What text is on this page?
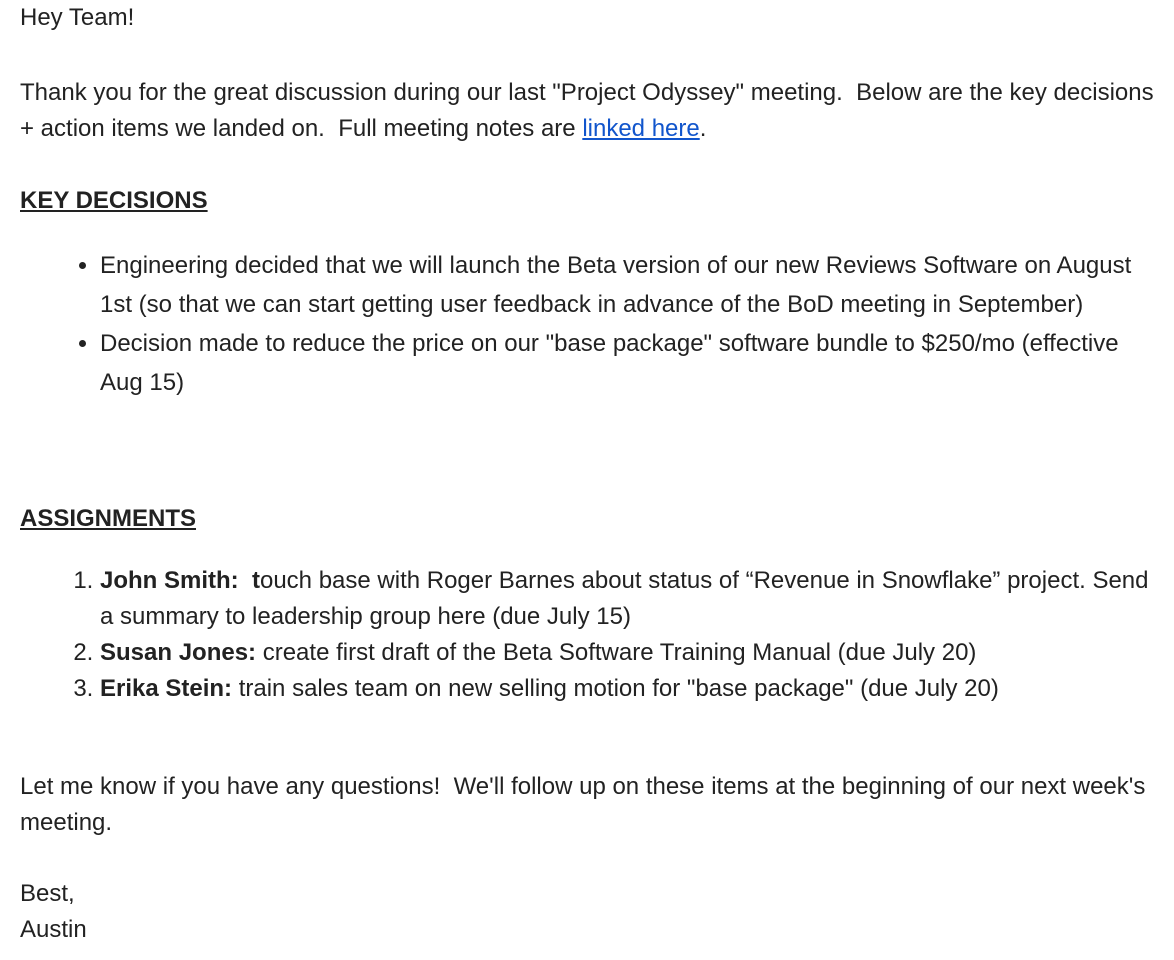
Hey Team!
Thank you for the great discussion during our last "Project Odyssey" meeting.  Below are the key decisions + action items we landed on.  Full meeting notes are linked here.
KEY DECISIONS
• Engineering decided that we will launch the Beta version of our new Reviews Software on August 1st (so that we can start getting user feedback in advance of the BoD meeting in September)
• Decision made to reduce the price on our "base package" software bundle to $250/mo (effective Aug 15)
ASSIGNMENTS
1. John Smith:  touch base with Roger Barnes about status of “Revenue in Snowflake” project. Send a summary to leadership group here (due July 15)
2. Susan Jones: create first draft of the Beta Software Training Manual (due July 20)
3. Erika Stein: train sales team on new selling motion for "base package" (due July 20)
Let me know if you have any questions!  We'll follow up on these items at the beginning of our next week's meeting.
Best,
Austin
